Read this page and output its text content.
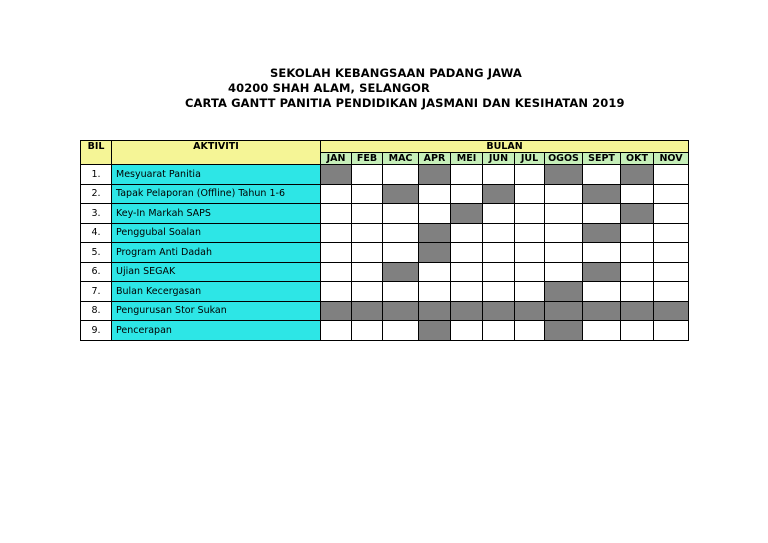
SEKOLAH KEBANGSAAN PADANG JAWA
40200 SHAH ALAM, SELANGOR
CARTA GANTT PANITIA PENDIDIKAN JASMANI DAN KESIHATAN 2019
BIL	AKTIVITI	BULAN										
		JAN	FEB	MAC	APR	MEI	JUN	JUL	OGOS	SEPT	OKT	NOV
1.	Mesyuarat Panitia											
2.	Tapak Pelaporan (Offline) Tahun 1-6											
3.	Key-In Markah SAPS											
4.	Penggubal Soalan											
5.	Program Anti Dadah											
6.	Ujian SEGAK											
7.	Bulan Kecergasan											
8.	Pengurusan Stor Sukan											
9.	Pencerapan											
